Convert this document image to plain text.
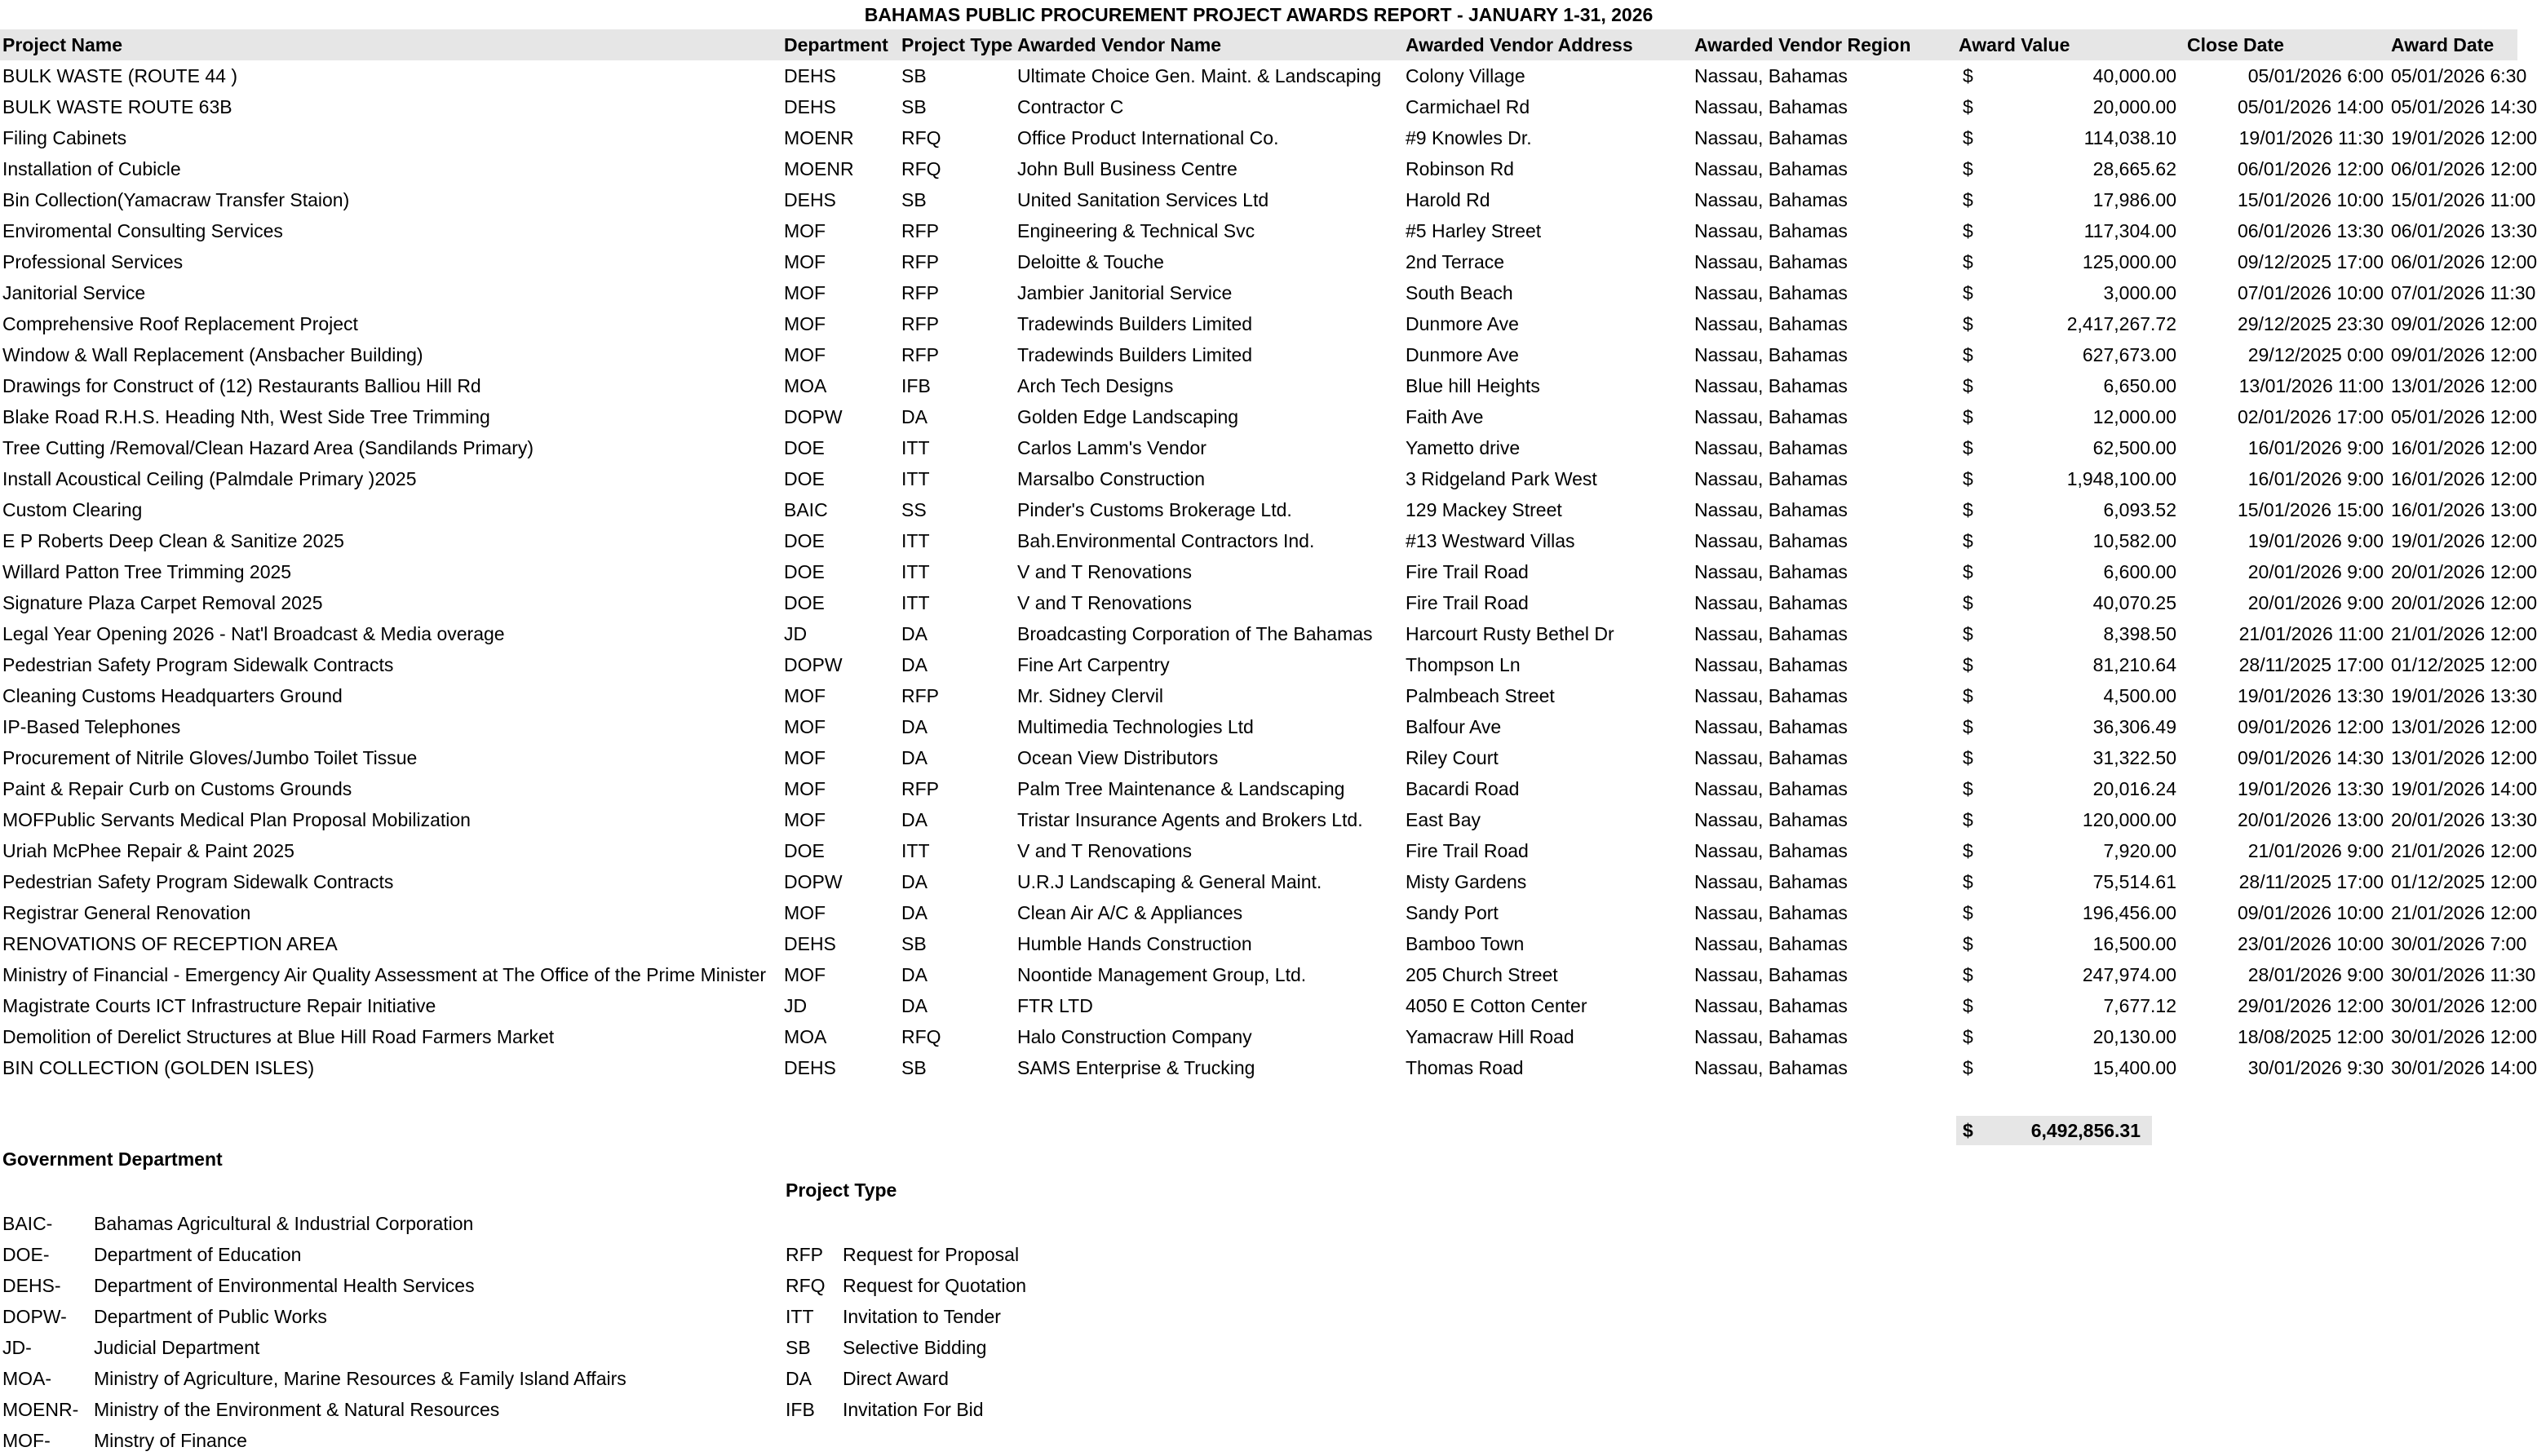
BAHAMAS PUBLIC PROCUREMENT PROJECT AWARDS REPORT - JANUARY 1-31, 2026
Project Name	Department	Project Type	Awarded Vendor Name	Awarded Vendor Address	Awarded Vendor Region	Award Value		Close Date	Award Date
BULK WASTE (ROUTE 44 )	DEHS	SB	Ultimate Choice Gen. Maint. & Landscaping	Colony Village	Nassau, Bahamas	$	40,000.00	05/01/2026 6:00	05/01/2026 6:30
BULK WASTE ROUTE 63B	DEHS	SB	Contractor C	Carmichael Rd	Nassau, Bahamas	$	20,000.00	05/01/2026 14:00	05/01/2026 14:30
Filing Cabinets	MOENR	RFQ	Office Product International Co.	#9 Knowles Dr.	Nassau, Bahamas	$	114,038.10	19/01/2026 11:30	19/01/2026 12:00
Installation of Cubicle	MOENR	RFQ	John Bull Business Centre	Robinson Rd	Nassau, Bahamas	$	28,665.62	06/01/2026 12:00	06/01/2026 12:00
Bin Collection(Yamacraw Transfer Staion)	DEHS	SB	United Sanitation Services Ltd	Harold Rd	Nassau, Bahamas	$	17,986.00	15/01/2026 10:00	15/01/2026 11:00
Enviromental Consulting Services	MOF	RFP	Engineering & Technical Svc	#5 Harley Street	Nassau, Bahamas	$	117,304.00	06/01/2026 13:30	06/01/2026 13:30
Professional Services	MOF	RFP	Deloitte & Touche	2nd Terrace	Nassau, Bahamas	$	125,000.00	09/12/2025 17:00	06/01/2026 12:00
Janitorial Service	MOF	RFP	Jambier Janitorial Service	South Beach	Nassau, Bahamas	$	3,000.00	07/01/2026 10:00	07/01/2026 11:30
Comprehensive Roof Replacement Project	MOF	RFP	Tradewinds Builders Limited	Dunmore Ave	Nassau, Bahamas	$	2,417,267.72	29/12/2025 23:30	09/01/2026 12:00
Window & Wall Replacement (Ansbacher Building)	MOF	RFP	Tradewinds Builders Limited	Dunmore Ave	Nassau, Bahamas	$	627,673.00	29/12/2025 0:00	09/01/2026 12:00
Drawings for Construct of (12) Restaurants Balliou Hill Rd	MOA	IFB	Arch Tech Designs	Blue hill Heights	Nassau, Bahamas	$	6,650.00	13/01/2026 11:00	13/01/2026 12:00
Blake Road R.H.S. Heading Nth, West Side Tree Trimming	DOPW	DA	Golden Edge Landscaping	Faith Ave	Nassau, Bahamas	$	12,000.00	02/01/2026 17:00	05/01/2026 12:00
Tree Cutting /Removal/Clean Hazard Area (Sandilands Primary)	DOE	ITT	Carlos Lamm's Vendor	Yametto drive	Nassau, Bahamas	$	62,500.00	16/01/2026 9:00	16/01/2026 12:00
Install Acoustical Ceiling (Palmdale Primary )2025	DOE	ITT	Marsalbo Construction	3 Ridgeland Park West	Nassau, Bahamas	$	1,948,100.00	16/01/2026 9:00	16/01/2026 12:00
Custom Clearing	BAIC	SS	Pinder's Customs Brokerage Ltd.	129 Mackey Street	Nassau, Bahamas	$	6,093.52	15/01/2026 15:00	16/01/2026 13:00
E P Roberts Deep Clean & Sanitize 2025	DOE	ITT	Bah.Environmental Contractors Ind.	#13 Westward Villas	Nassau, Bahamas	$	10,582.00	19/01/2026 9:00	19/01/2026 12:00
Willard Patton Tree Trimming 2025	DOE	ITT	V and T Renovations	Fire Trail Road	Nassau, Bahamas	$	6,600.00	20/01/2026 9:00	20/01/2026 12:00
Signature Plaza Carpet Removal 2025	DOE	ITT	V and T Renovations	Fire Trail Road	Nassau, Bahamas	$	40,070.25	20/01/2026 9:00	20/01/2026 12:00
Legal Year Opening 2026 - Nat'l Broadcast & Media overage	JD	DA	Broadcasting Corporation of The Bahamas	Harcourt Rusty Bethel Dr	Nassau, Bahamas	$	8,398.50	21/01/2026 11:00	21/01/2026 12:00
Pedestrian Safety Program Sidewalk Contracts	DOPW	DA	Fine Art Carpentry	Thompson Ln	Nassau, Bahamas	$	81,210.64	28/11/2025 17:00	01/12/2025 12:00
Cleaning Customs Headquarters Ground	MOF	RFP	Mr. Sidney Clervil	Palmbeach Street	Nassau, Bahamas	$	4,500.00	19/01/2026 13:30	19/01/2026 13:30
IP-Based Telephones	MOF	DA	Multimedia Technologies Ltd	Balfour Ave	Nassau, Bahamas	$	36,306.49	09/01/2026 12:00	13/01/2026 12:00
Procurement of Nitrile Gloves/Jumbo Toilet Tissue	MOF	DA	Ocean View Distributors	Riley Court	Nassau, Bahamas	$	31,322.50	09/01/2026 14:30	13/01/2026 12:00
Paint & Repair Curb on Customs Grounds	MOF	RFP	Palm Tree Maintenance & Landscaping	Bacardi Road	Nassau, Bahamas	$	20,016.24	19/01/2026 13:30	19/01/2026 14:00
MOFPublic Servants Medical Plan Proposal Mobilization	MOF	DA	Tristar Insurance Agents and Brokers Ltd.	East Bay	Nassau, Bahamas	$	120,000.00	20/01/2026 13:00	20/01/2026 13:30
Uriah McPhee Repair & Paint 2025	DOE	ITT	V and T Renovations	Fire Trail Road	Nassau, Bahamas	$	7,920.00	21/01/2026 9:00	21/01/2026 12:00
Pedestrian Safety Program Sidewalk Contracts	DOPW	DA	U.R.J Landscaping & General Maint.	Misty Gardens	Nassau, Bahamas	$	75,514.61	28/11/2025 17:00	01/12/2025 12:00
Registrar General Renovation	MOF	DA	Clean Air A/C & Appliances	Sandy Port	Nassau, Bahamas	$	196,456.00	09/01/2026 10:00	21/01/2026 12:00
RENOVATIONS OF RECEPTION AREA	DEHS	SB	Humble Hands Construction	Bamboo Town	Nassau, Bahamas	$	16,500.00	23/01/2026 10:00	30/01/2026 7:00
Ministry of Financial - Emergency Air Quality Assessment at The Office of the Prime Minister	MOF	DA	Noontide Management Group, Ltd.	205 Church Street	Nassau, Bahamas	$	247,974.00	28/01/2026 9:00	30/01/2026 11:30
Magistrate Courts ICT Infrastructure Repair Initiative	JD	DA	FTR LTD	4050 E Cotton Center	Nassau, Bahamas	$	7,677.12	29/01/2026 12:00	30/01/2026 12:00
Demolition of Derelict Structures at Blue Hill Road Farmers Market	MOA	RFQ	Halo Construction Company	Yamacraw Hill Road	Nassau, Bahamas	$	20,130.00	18/08/2025 12:00	30/01/2026 12:00
BIN COLLECTION (GOLDEN ISLES)	DEHS	SB	SAMS Enterprise & Trucking	Thomas Road	Nassau, Bahamas	$	15,400.00	30/01/2026 9:30	30/01/2026 14:00
$	6,492,856.31
Government Department
BAIC- Bahamas Agricultural & Industrial Corporation
DOE- Department of Education
DEHS- Department of Environmental Health Services
DOPW- Department of Public Works
JD-	Judicial Department
MOA- Ministry of Agriculture, Marine Resources & Family Island Affairs
MOENR- Ministry of the Environment & Natural Resources
MOF- Minstry of Finance
Project Type
RFP Request for Proposal
RFQ Request for Quotation
ITT Invitation to Tender
SB Selective Bidding
DA Direct Award
IFB Invitation For Bid
